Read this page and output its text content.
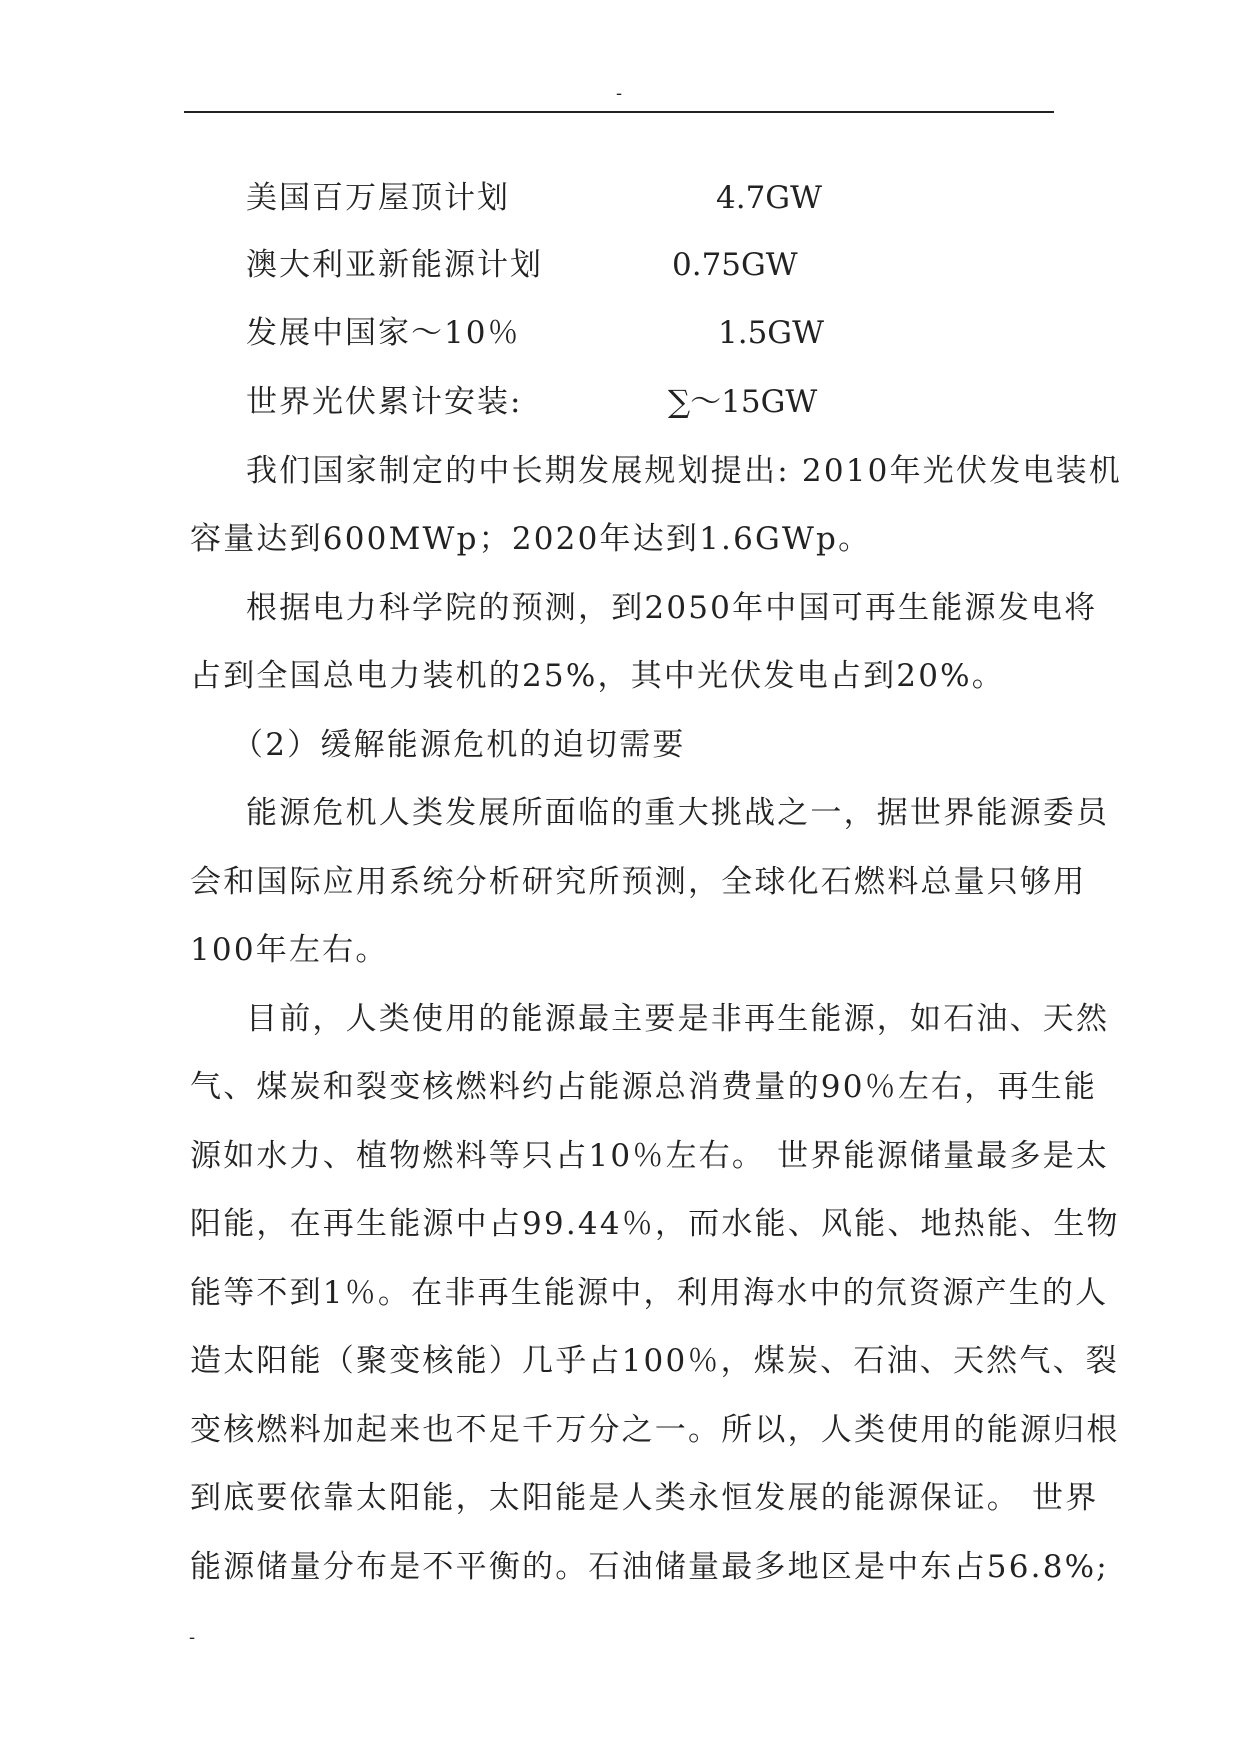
-
美国百万屋顶计划	4.7GW
澳大利亚新能源计划	0.75GW
发展中国家～10％	1.5GW
世界光伏累计安装:	∑～15GW
我们国家制定的中长期发展规划提出: 2010年光伏发电装机
容量达到600MWp；2020年达到1.6GWp。
根据电力科学院的预测，到2050年中国可再生能源发电将
占到全国总电力装机的25%，其中光伏发电占到20%。
（2）缓解能源危机的迫切需要
能源危机人类发展所面临的重大挑战之一，据世界能源委员
会和国际应用系统分析研究所预测，全球化石燃料总量只够用
100年左右。
目前，人类使用的能源最主要是非再生能源，如石油、天然
气、煤炭和裂变核燃料约占能源总消费量的90％左右，再生能
源如水力、植物燃料等只占10％左右。 世界能源储量最多是太
阳能，在再生能源中占99.44％，而水能、风能、地热能、生物
能等不到1％。在非再生能源中，利用海水中的氘资源产生的人
造太阳能（聚变核能）几乎占100％，煤炭、石油、天然气、裂
变核燃料加起来也不足千万分之一。所以，人类使用的能源归根
到底要依靠太阳能，太阳能是人类永恒发展的能源保证。 世界
能源储量分布是不平衡的。石油储量最多地区是中东占56.8%;
-
